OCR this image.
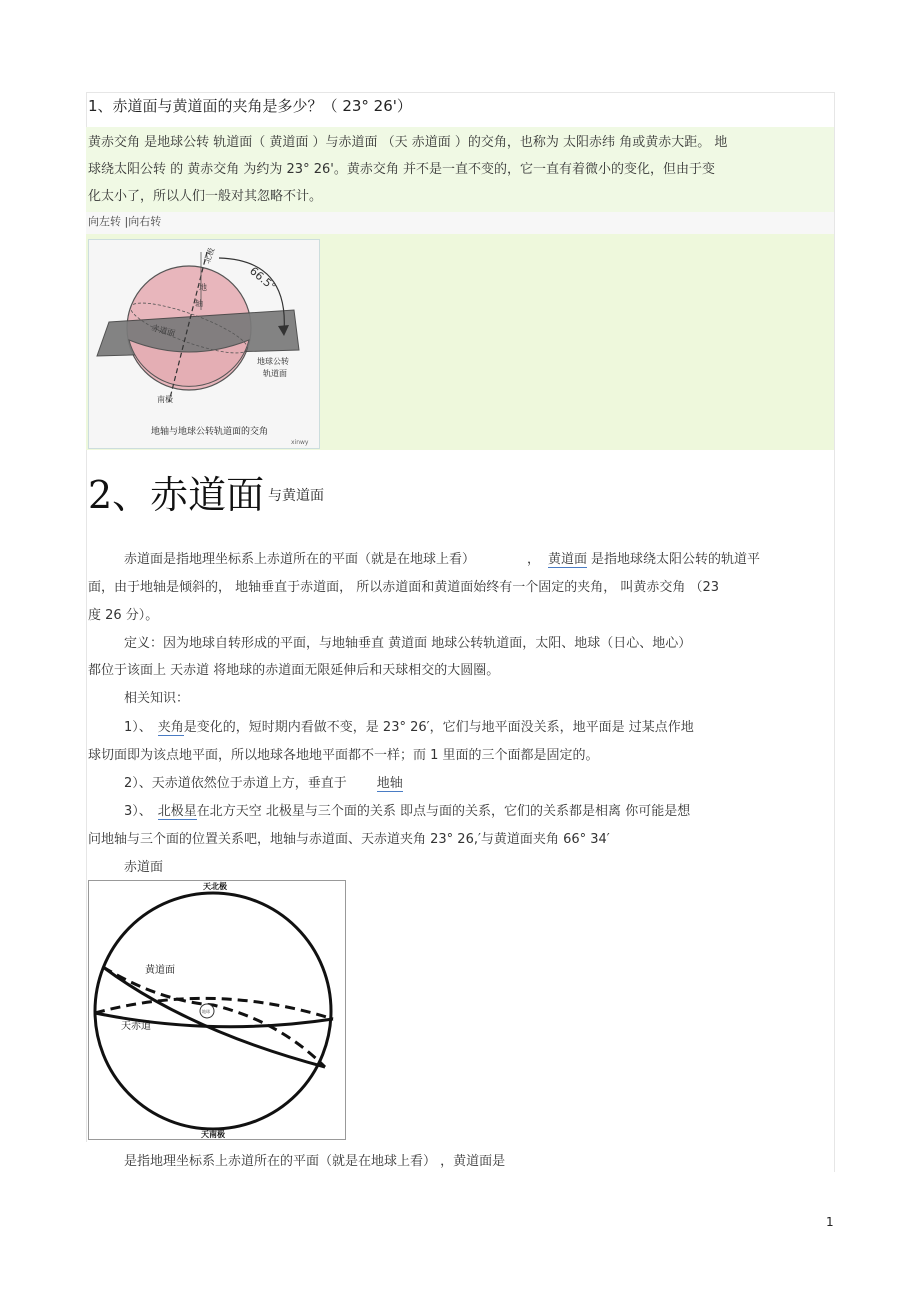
1、赤道面与黄道面的夹角是多少？（ 23° 26'）
黄赤交角 是地球公转 轨道面（ 黄道面 ）与赤道面 （天 赤道面 ）的交角，也称为 太阳赤纬 角或黄赤大距。 地
球绕太阳公转 的 黄赤交角 为约为 23° 26'。黄赤交角 并不是一直不变的，它一直有着微小的变化，但由于变
化太小了，所以人们一般对其忽略不计。
向左转 |向右转
北极
66.5°
地
轴
赤道面
地球公转
轨道面
南极
地轴与地球公转轨道面的交角
xinwy
2、赤道面 与黄道面
赤道面是指地理坐标系上赤道所在的平面（就是在地球上看）	， 黄道面 是指地球绕太阳公转的轨道平
面，由于地轴是倾斜的， 地轴垂直于赤道面， 所以赤道面和黄道面始终有一个固定的夹角， 叫黄赤交角 （23
度 26 分）。
定义：因为地球自转形成的平面，与地轴垂直 黄道面 地球公转轨道面，太阳、地球（日心、地心）
都位于该面上 天赤道 将地球的赤道面无限延伸后和天球相交的大圆圈。
相关知识：
1）、 夹角是变化的，短时期内看做不变，是 23° 26′，它们与地平面没关系，地平面是 过某点作地
球切面即为该点地平面，所以地球各地地平面都不一样；而 1 里面的三个面都是固定的。
2）、天赤道依然位于赤道上方，垂直于 地轴
3）、 北极星在北方天空 北极星与三个面的关系 即点与面的关系，它们的关系都是相离 你可能是想
问地轴与三个面的位置关系吧，地轴与赤道面、天赤道夹角 23° 26,′与黄道面夹角 66° 34′
赤道面
地球
天北极
黄道面
天赤道
天南极
是指地理坐标系上赤道所在的平面（就是在地球上看） ，黄道面是
1
